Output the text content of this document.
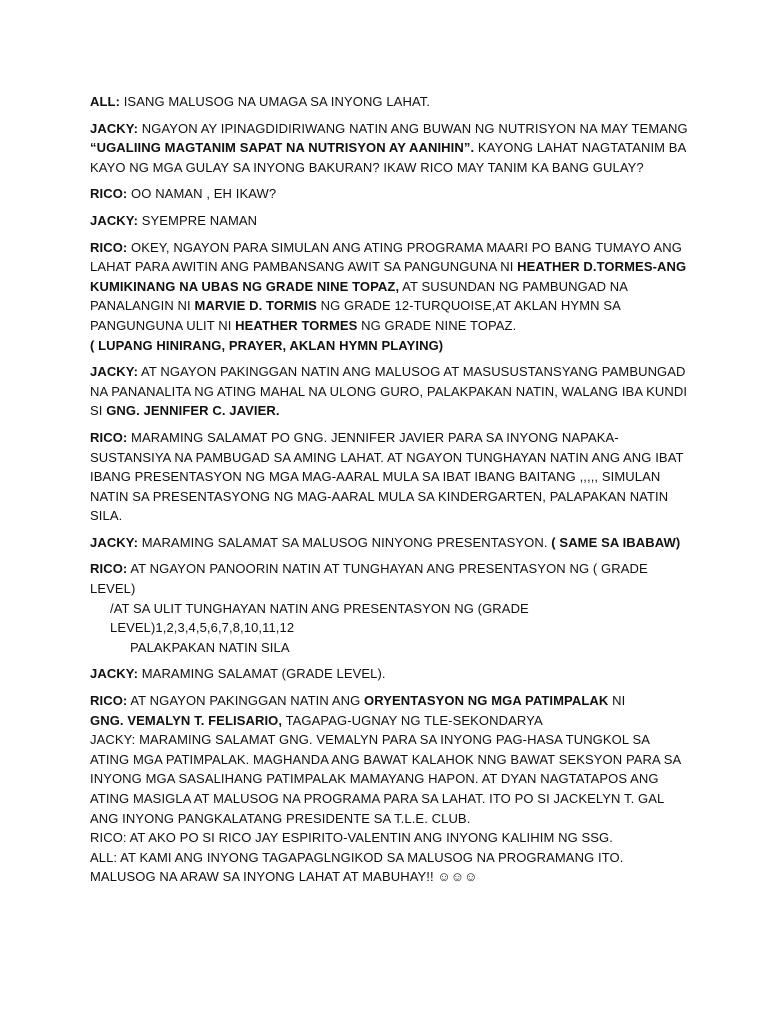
ALL: ISANG MALUSOG NA UMAGA SA INYONG LAHAT.

JACKY: NGAYON AY IPINAGDIDIRIWANG NATIN ANG BUWAN NG NUTRISYON NA MAY TEMANG “UGALIING MAGTANIM SAPAT NA NUTRISYON AY AANIHIN”. KAYONG LAHAT NAGTATANIM BA KAYO NG MGA GULAY SA INYONG BAKURAN? IKAW RICO MAY TANIM KA BANG GULAY?

RICO: OO NAMAN , EH IKAW?

JACKY: SYEMPRE NAMAN

RICO: OKEY, NGAYON PARA SIMULAN ANG ATING PROGRAMA MAARI PO BANG TUMAYO ANG LAHAT PARA AWITIN ANG PAMBANSANG AWIT SA PANGUNGUNA NI HEATHER D.TORMES-ANG KUMIKINANG NA UBAS NG GRADE NINE TOPAZ, AT SUSUNDAN NG PAMBUNGAD NA PANALANGIN NI MARVIE D. TORMIS NG GRADE 12-TURQUOISE,AT AKLAN HYMN SA PANGUNGUNA ULIT NI HEATHER TORMES NG GRADE NINE TOPAZ.
( LUPANG HINIRANG, PRAYER, AKLAN HYMN PLAYING)

JACKY: AT NGAYON PAKINGGAN NATIN ANG MALUSOG AT MASUSUSTANSYANG PAMBUNGAD NA PANANALITA NG ATING MAHAL NA ULONG GURO, PALAKPAKAN NATIN, WALANG IBA KUNDI SI GNG. JENNIFER C. JAVIER.

RICO: MARAMING SALAMAT PO GNG. JENNIFER JAVIER PARA SA INYONG NAPAKA-SUSTANSIYA NA PAMBUGAD SA AMING LAHAT. AT NGAYON TUNGHAYAN NATIN ANG ANG IBAT IBANG PRESENTASYON NG MGA MAG-AARAL MULA SA IBAT IBANG BAITANG ,,,,, SIMULAN NATIN SA PRESENTASYONG NG MAG-AARAL MULA SA KINDERGARTEN, PALAPAKAN NATIN SILA.

JACKY: MARAMING SALAMAT SA MALUSOG NINYONG PRESENTASYON. ( SAME SA IBABAW)

RICO: AT NGAYON PANOORIN NATIN AT TUNGHAYAN ANG PRESENTASYON NG ( GRADE LEVEL)
/AT SA ULIT TUNGHAYAN NATIN ANG PRESENTASYON NG (GRADE LEVEL)1,2,3,4,5,6,7,8,10,11,12
PALAKPAKAN NATIN SILA

JACKY: MARAMING SALAMAT (GRADE LEVEL).

RICO: AT NGAYON PAKINGGAN NATIN ANG ORYENTASYON NG MGA PATIMPALAK NI
GNG. VEMALYN T. FELISARIO, TAGAPAG-UGNAY NG TLE-SEKONDARYA
JACKY: MARAMING SALAMAT GNG. VEMALYN PARA SA INYONG PAG-HASA TUNGKOL SA ATING MGA PATIMPALAK. MAGHANDA ANG BAWAT KALAHOK NNG BAWAT SEKSYON PARA SA INYONG MGA SASALIHANG PATIMPALAK MAMAYANG HAPON. AT DYAN NAGTATAPOS ANG ATING MASIGLA AT MALUSOG NA PROGRAMA PARA SA LAHAT. ITO PO SI JACKELYN T. GAL ANG INYONG PANGKALATANG PRESIDENTE SA T.L.E. CLUB.
RICO: AT AKO PO SI RICO JAY ESPIRITO-VALENTIN ANG INYONG KALIHIM NG SSG.
ALL: AT KAMI ANG INYONG TAGAPAGLNGIKOD SA MALUSOG NA PROGRAMANG ITO. MALUSOG NA ARAW SA INYONG LAHAT AT MABUHAY!! ☺☺☺
